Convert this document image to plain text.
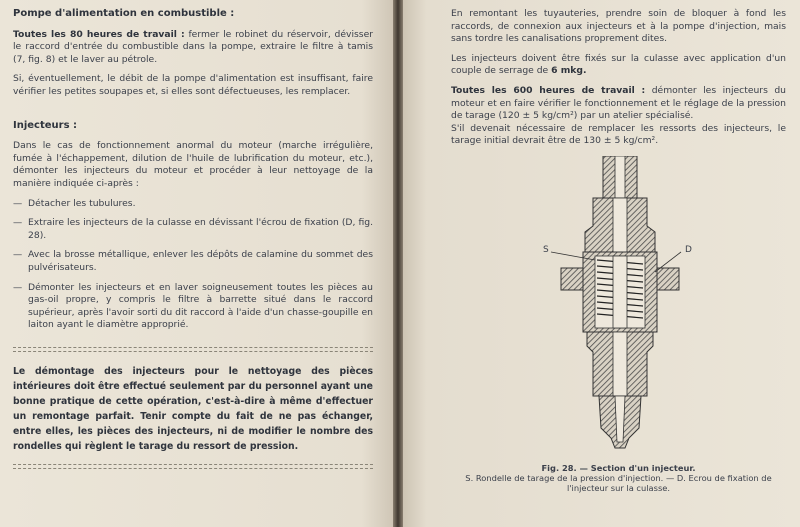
Pompe d'alimentation en combustible :

Toutes les 80 heures de travail : fermer le robinet du réservoir, dévisser le raccord d'entrée du combustible dans la pompe, extraire le filtre à tamis (7, fig. 8) et le laver au pétrole.

Si, éventuellement, le débit de la pompe d'alimentation est insuffisant, faire vérifier les petites soupapes et, si elles sont défectueuses, les remplacer.

Injecteurs :

Dans le cas de fonctionnement anormal du moteur (marche irrégulière, fumée à l'échappement, dilution de l'huile de lubrification du moteur, etc.), démonter les injecteurs du moteur et procéder à leur nettoyage de la manière indiquée ci-après :

— Détacher les tubulures.
— Extraire les injecteurs de la culasse en dévissant l'écrou de fixation (D, fig. 28).
— Avec la brosse métallique, enlever les dépôts de calamine du sommet des pulvérisateurs.
— Démonter les injecteurs et en laver soigneusement toutes les pièces au gas-oil propre, y compris le filtre à barrette situé dans le raccord supérieur, après l'avoir sorti du dit raccord à l'aide d'un chasse-goupille en laiton ayant le diamètre approprié.
Le démontage des injecteurs pour le nettoyage des pièces intérieures doit être effectué seulement par du personnel ayant une bonne pratique de cette opération, c'est-à-dire à même d'effectuer un remontage parfait. Tenir compte du fait de ne pas échanger, entre elles, les pièces des injecteurs, ni de modifier le nombre des rondelles qui règlent le tarage du ressort de pression.

En remontant les tuyauteries, prendre soin de bloquer à fond les raccords, de connexion aux injecteurs et à la pompe d'injection, mais sans tordre les canalisations proprement dites.

Les injecteurs doivent être fixés sur la culasse avec application d'un couple de serrage de 6 mkg.

Toutes les 600 heures de travail : démonter les injecteurs du moteur et en faire vérifier le fonctionnement et le réglage de la pression de tarage (120 ± 5 kg/cm²) par un atelier spécialisé.

S'il devenait nécessaire de remplacer les ressorts des injecteurs, le tarage initial devrait être de 130 ± 5 kg/cm².

S	D
Fig. 28. — Section d'un injecteur.
S. Rondelle de tarage de la pression d'injection. — D. Ecrou de fixation de l'injecteur sur la culasse.
